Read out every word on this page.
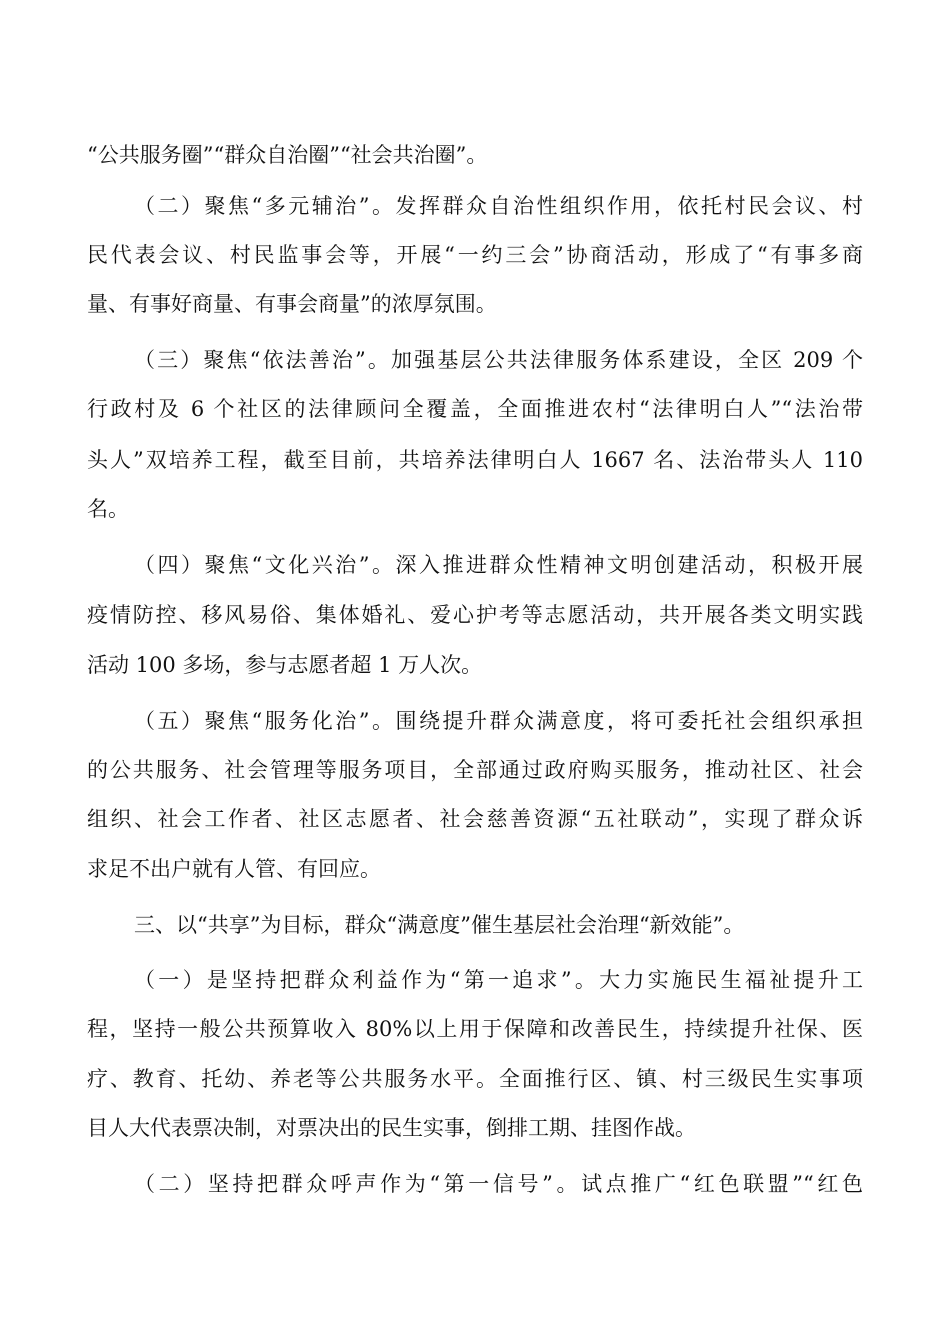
“公共服务圈”“群众自治圈”“社会共治圈”。
（二）聚焦“多元辅治”。发挥群众自治性组织作用，依托村民会议、村
民代表会议、村民监事会等，开展“一约三会”协商活动，形成了“有事多商
量、有事好商量、有事会商量”的浓厚氛围。
（三）聚焦“依法善治”。加强基层公共法律服务体系建设，全区 209 个
行政村及 6 个社区的法律顾问全覆盖，全面推进农村“法律明白人”“法治带
头人”双培养工程，截至目前，共培养法律明白人 1667 名、法治带头人 110
名。
（四）聚焦“文化兴治”。深入推进群众性精神文明创建活动，积极开展
疫情防控、移风易俗、集体婚礼、爱心护考等志愿活动，共开展各类文明实践
活动 100 多场，参与志愿者超 1 万人次。
（五）聚焦“服务化治”。围绕提升群众满意度，将可委托社会组织承担
的公共服务、社会管理等服务项目，全部通过政府购买服务，推动社区、社会
组织、社会工作者、社区志愿者、社会慈善资源“五社联动”，实现了群众诉
求足不出户就有人管、有回应。
三、以“共享”为目标，群众“满意度”催生基层社会治理“新效能”。
（一）是坚持把群众利益作为“第一追求”。大力实施民生福祉提升工
程，坚持一般公共预算收入 80%以上用于保障和改善民生，持续提升社保、医
疗、教育、托幼、养老等公共服务水平。全面推行区、镇、村三级民生实事项
目人大代表票决制，对票决出的民生实事，倒排工期、挂图作战。
（二）坚持把群众呼声作为“第一信号”。试点推广“红色联盟”“红色
